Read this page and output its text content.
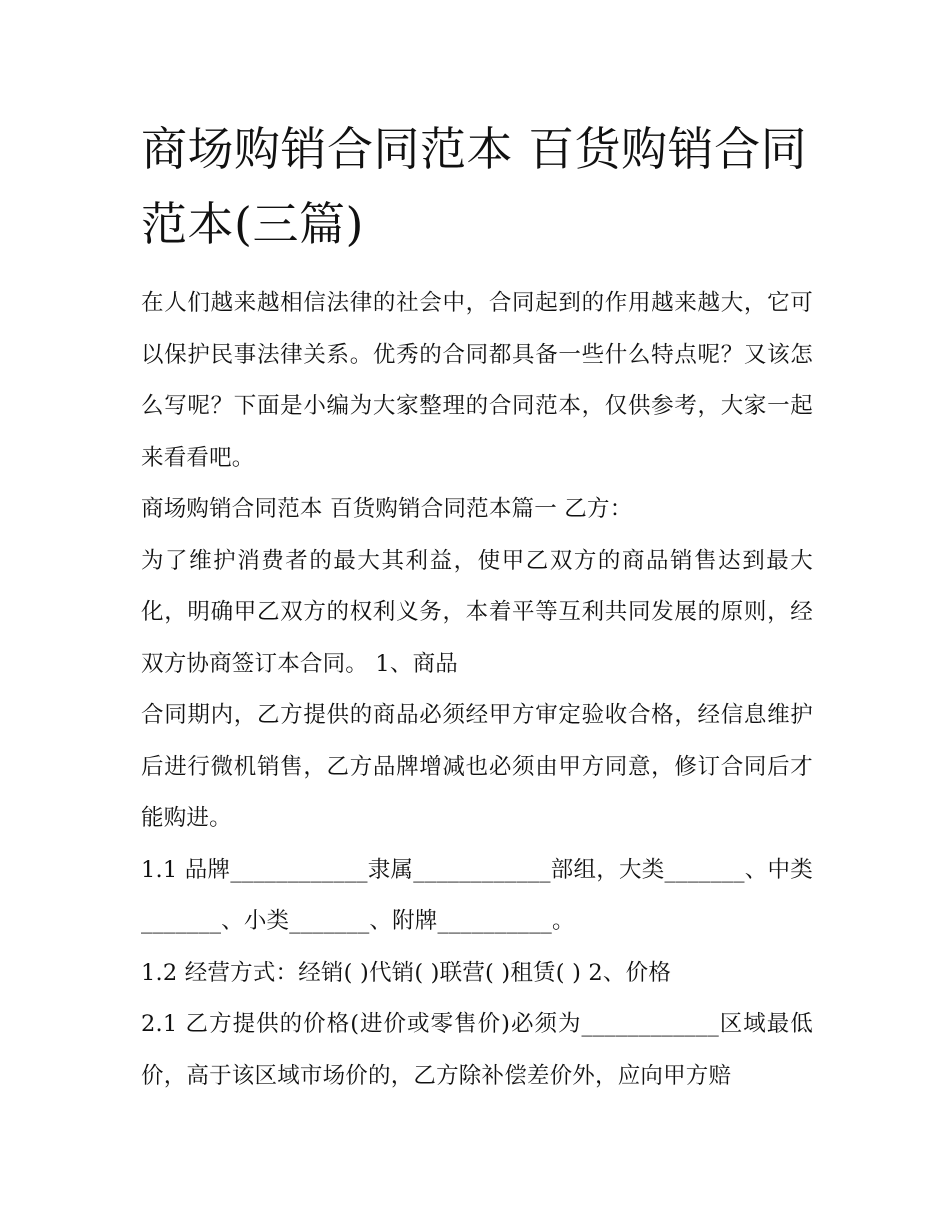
商场购销合同范本 百货购销合同范本(三篇)

在人们越来越相信法律的社会中，合同起到的作用越来越大，它可以保护民事法律关系。优秀的合同都具备一些什么特点呢？又该怎么写呢？下面是小编为大家整理的合同范本，仅供参考，大家一起来看看吧。

商场购销合同范本 百货购销合同范本篇一 乙方：

为了维护消费者的最大其利益，使甲乙双方的商品销售达到最大化，明确甲乙双方的权利义务，本着平等互利共同发展的原则，经双方协商签订本合同。 1、商品

合同期内，乙方提供的商品必须经甲方审定验收合格，经信息维护后进行微机销售，乙方品牌增减也必须由甲方同意，修订合同后才能购进。

1.1 品牌____________隶属____________部组，大类_______、中类_______、小类_______、附牌__________。

1.2 经营方式：经销( )代销( )联营( )租赁( ) 2、价格

2.1 乙方提供的价格(进价或零售价)必须为____________区域最低价，高于该区域市场价的，乙方除补偿差价外，应向甲方赔
